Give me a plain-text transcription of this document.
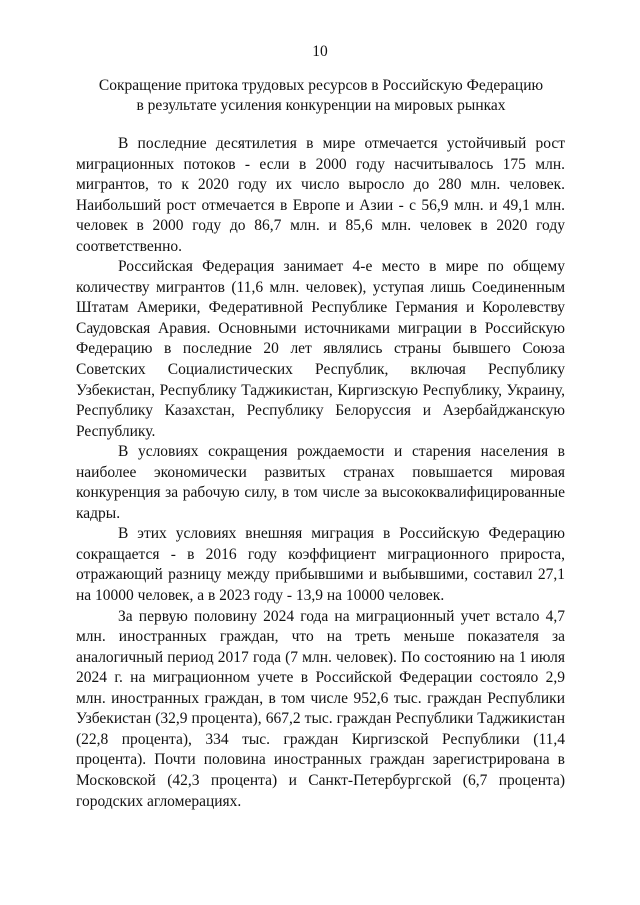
10
Сокращение притока трудовых ресурсов в Российскую Федерацию
в результате усиления конкуренции на мировых рынках

В последние десятилетия в мире отмечается устойчивый рост миграционных потоков - если в 2000 году насчитывалось 175 млн. мигрантов, то к 2020 году их число выросло до 280 млн. человек. Наибольший рост отмечается в Европе и Азии - с 56,9 млн. и 49,1 млн. человек в 2000 году до 86,7 млн. и 85,6 млн. человек в 2020 году соответственно.

Российская Федерация занимает 4-е место в мире по общему количеству мигрантов (11,6 млн. человек), уступая лишь Соединенным Штатам Америки, Федеративной Республике Германия и Королевству Саудовская Аравия. Основными источниками миграции в Российскую Федерацию в последние 20 лет являлись страны бывшего Союза Советских Социалистических Республик, включая Республику Узбекистан, Республику Таджикистан, Киргизскую Республику, Украину, Республику Казахстан, Республику Белоруссия и Азербайджанскую Республику.

В условиях сокращения рождаемости и старения населения в наиболее экономически развитых странах повышается мировая конкуренция за рабочую силу, в том числе за высококвалифицированные кадры.

В этих условиях внешняя миграция в Российскую Федерацию сокращается - в 2016 году коэффициент миграционного прироста, отражающий разницу между прибывшими и выбывшими, составил 27,1 на 10000 человек, а в 2023 году - 13,9 на 10000 человек.

За первую половину 2024 года на миграционный учет встало 4,7 млн. иностранных граждан, что на треть меньше показателя за аналогичный период 2017 года (7 млн. человек). По состоянию на 1 июля 2024 г. на миграционном учете в Российской Федерации состояло 2,9 млн. иностранных граждан, в том числе 952,6 тыс. граждан Республики Узбекистан (32,9 процента), 667,2 тыс. граждан Республики Таджикистан (22,8 процента), 334 тыс. граждан Киргизской Республики (11,4 процента). Почти половина иностранных граждан зарегистрирована в Московской (42,3 процента) и Санкт-Петербургской (6,7 процента) городских агломерациях.
